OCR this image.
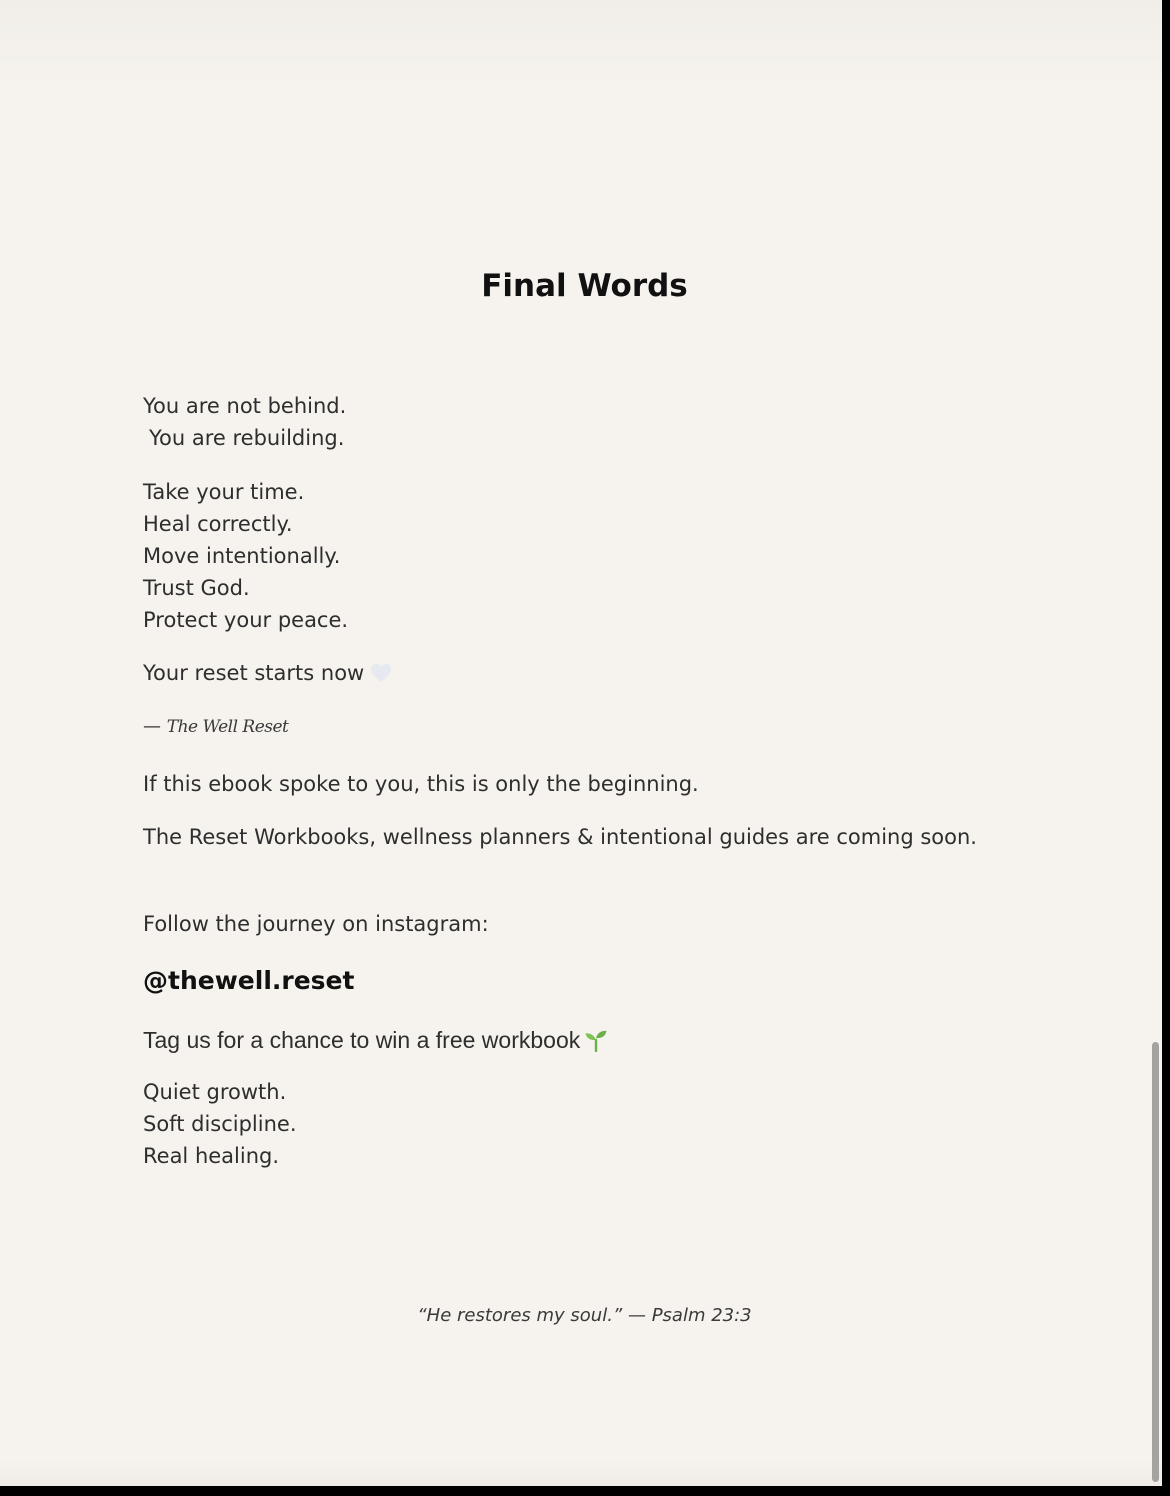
Final Words

You are not behind.
You are rebuilding.

Take your time.
Heal correctly.
Move intentionally.
Trust God.
Protect your peace.

Your reset starts now

— The Well Reset

If this ebook spoke to you, this is only the beginning.

The Reset Workbooks, wellness planners & intentional guides are coming soon.

Follow the journey on instagram:

@thewell.reset

Tag us for a chance to win a free workbook

Quiet growth.
Soft discipline.
Real healing.

“He restores my soul.” — Psalm 23:3
